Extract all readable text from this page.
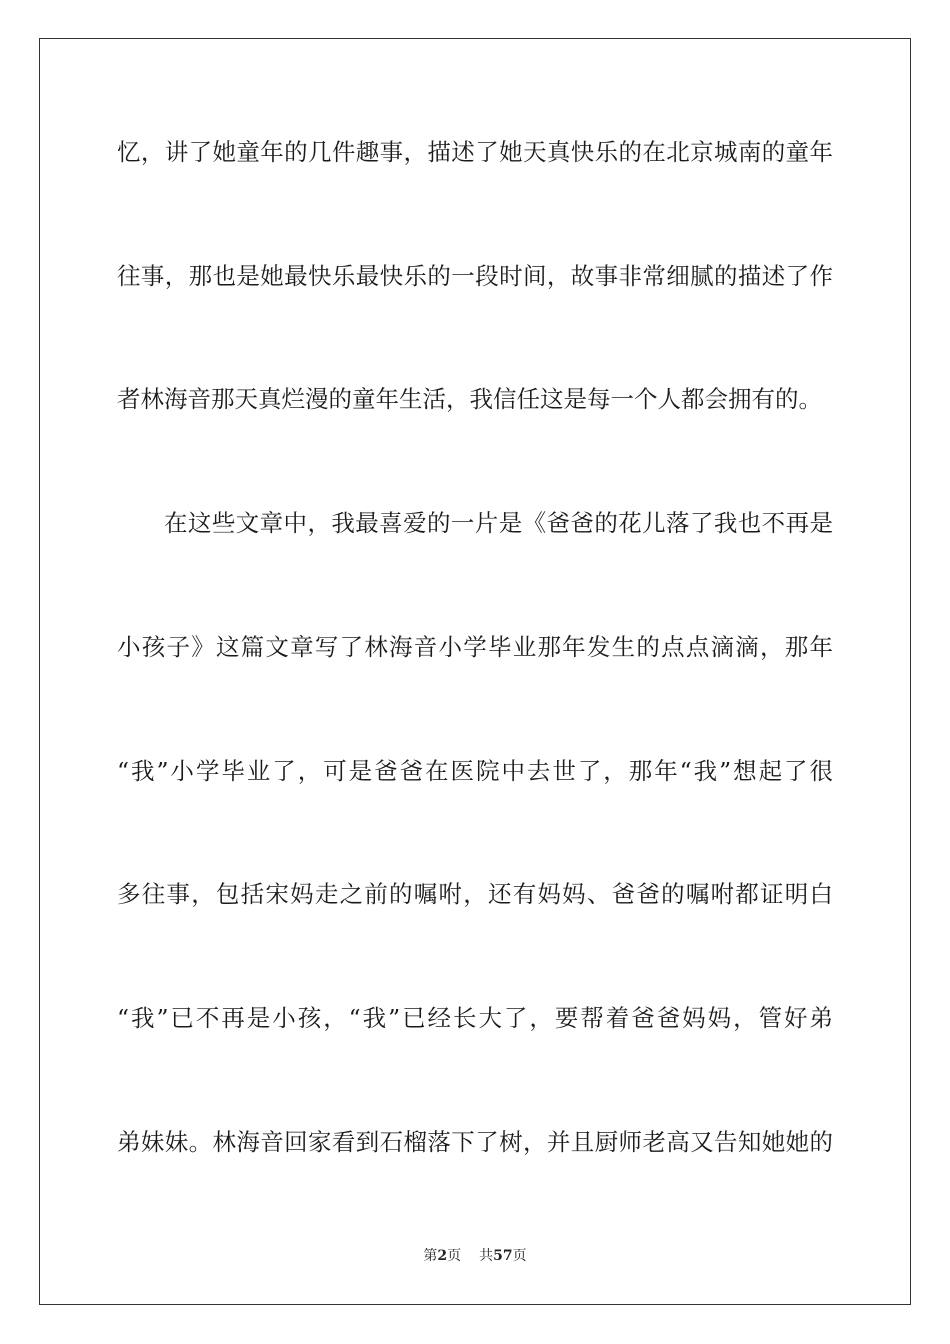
忆，讲了她童年的几件趣事，描述了她天真快乐的在北京城南的童年
往事，那也是她最快乐最快乐的一段时间，故事非常细腻的描述了作
者林海音那天真烂漫的童年生活，我信任这是每一个人都会拥有的。
在这些文章中，我最喜爱的一片是《爸爸的花儿落了我也不再是
小孩子》这篇文章写了林海音小学毕业那年发生的点点滴滴，那年
“我”小学毕业了，可是爸爸在医院中去世了，那年“我”想起了很
多往事，包括宋妈走之前的嘱咐，还有妈妈、爸爸的嘱咐都证明白
“我”已不再是小孩，“我”已经长大了，要帮着爸爸妈妈，管好弟
弟妹妹。林海音回家看到石榴落下了树，并且厨师老高又告知她她的
第2页 共57页
